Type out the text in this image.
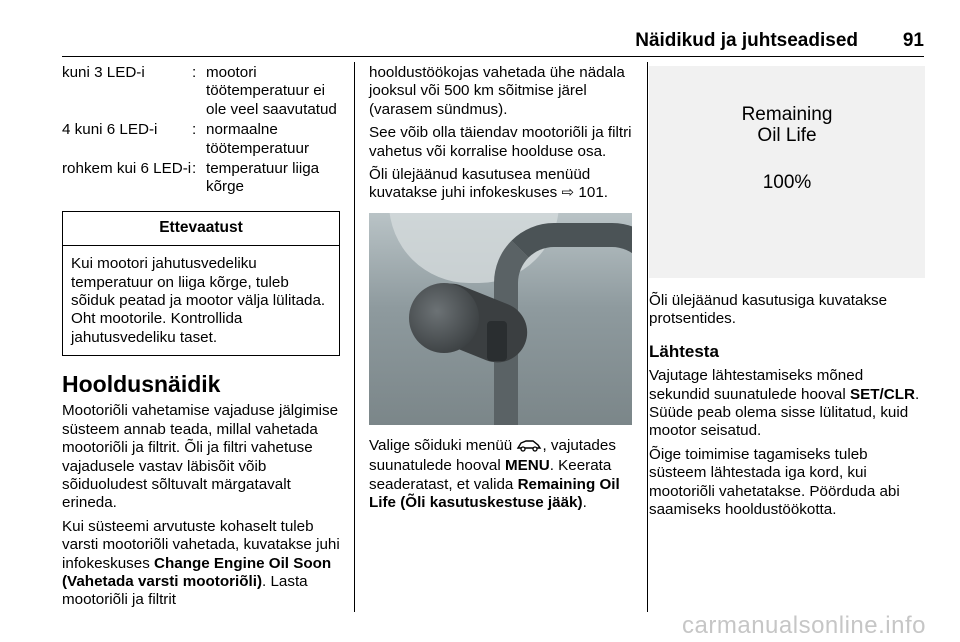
Näidikud ja juhtseadised 91
kuni 3 LED-i	:	mootori töötemperatuur ei ole veel saavutatud
4 kuni 6 LED-i	:	normaalne töötemperatuur
rohkem kui 6 LED-i	:	temperatuur liiga kõrge
Ettevaatust
Kui mootori jahutusvedeliku temperatuur on liiga kõrge, tuleb sõiduk peatad ja mootor välja lülitada. Oht mootorile. Kontrollida jahutusvedeliku taset.
Hooldusnäidik

Mootoriõli vahetamise vajaduse jälgimise süsteem annab teada, millal vahetada mootoriõli ja filtrit. Õli ja filtri vahetuse vajadusele vastav läbisõit võib sõiduoludest sõltuvalt märgatavalt erineda.

Kui süsteemi arvutuste kohaselt tuleb varsti mootoriõli vahetada, kuvatakse juhi infokeskuses Change Engine Oil Soon (Vahetada varsti mootoriõli). Lasta mootoriõli ja filtrit

hooldustöökojas vahetada ühe nädala jooksul või 500 km sõitmise järel (varasem sündmus).

See võib olla täiendav mootoriõli ja filtri vahetus või korralise hoolduse osa.

Õli ülejäänud kasutusea menüüd kuvatakse juhi infokeskuses ⇨ 101.

Valige sõiduki menüü , vajutades suunatulede hooval MENU. Keerata seaderatast, et valida Remaining Oil Life (Õli kasutuskestuse jääk).

Remaining
Oil Life
100%

Õli ülejäänud kasutusiga kuvatakse protsentides.

Lähtesta

Vajutage lähtestamiseks mõned sekundid suunatulede hooval SET/CLR. Süüde peab olema sisse lülitatud, kuid mootor seisatud.

Õige toimimise tagamiseks tuleb süsteem lähtestada iga kord, kui mootoriõli vahetatakse. Pöörduda abi saamiseks hooldustöökotta.

carmanualsonline.info
